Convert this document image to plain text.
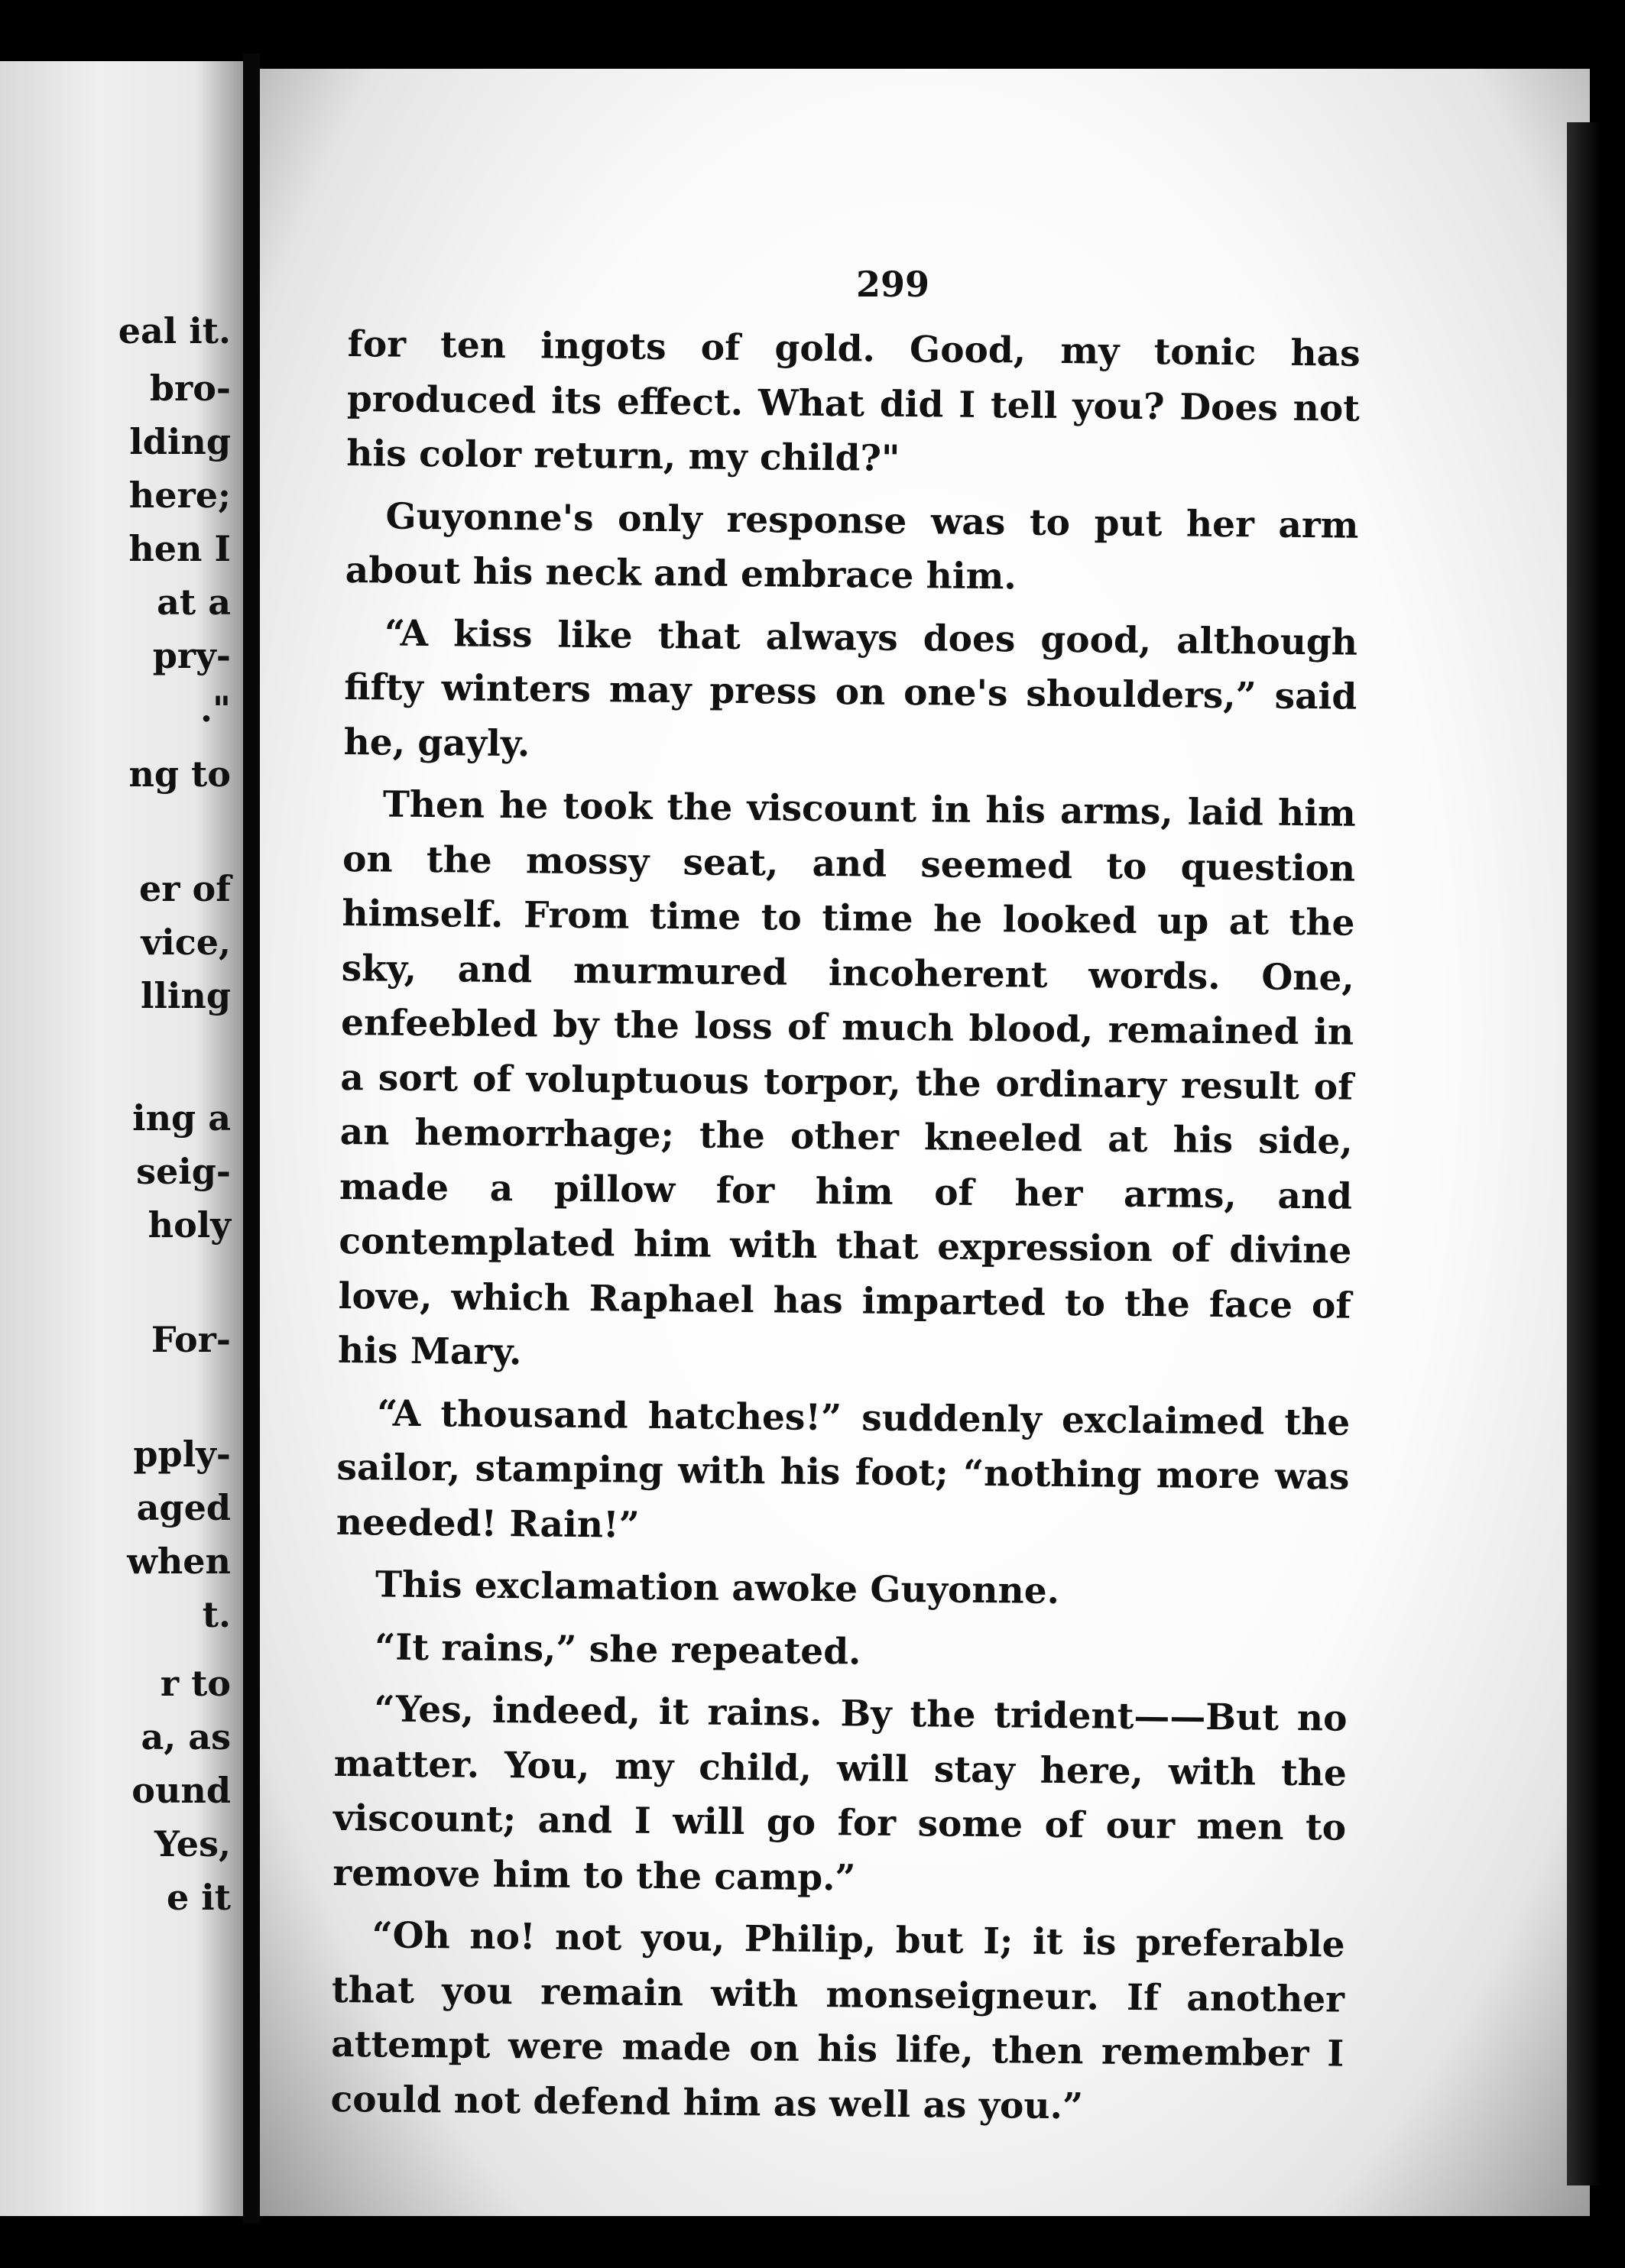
eal it.
bro-
lding
here;
hen I
at a
pry-
."
ng to
er of
vice,
lling
ing a
seig-
holy
For-
pply-
aged
when
t.
r to
a, as
ound
Yes,
e it
299

for ten ingots of gold. Good, my tonic has produced its effect. What did I tell you? Does not his color return, my child?"

Guyonne's only response was to put her arm about his neck and embrace him.

“A kiss like that always does good, although fifty winters may press on one's shoulders,” said he, gayly.

Then he took the viscount in his arms, laid him on the mossy seat, and seemed to question himself. From time to time he looked up at the sky, and murmured incoherent words. One, enfeebled by the loss of much blood, remained in a sort of voluptuous torpor, the ordinary result of an hemorrhage; the other kneeled at his side, made a pillow for him of her arms, and contemplated him with that expression of divine love, which Raphael has imparted to the face of his Mary.

“A thousand hatches!” suddenly exclaimed the sailor, stamping with his foot; “nothing more was needed! Rain!”

This exclamation awoke Guyonne.

“It rains,” she repeated.

“Yes, indeed, it rains. By the trident——But no matter. You, my child, will stay here, with the viscount; and I will go for some of our men to remove him to the camp.”

“Oh no! not you, Philip, but I; it is preferable that you remain with monseigneur. If another attempt were made on his life, then remember I could not defend him as well as you.”
